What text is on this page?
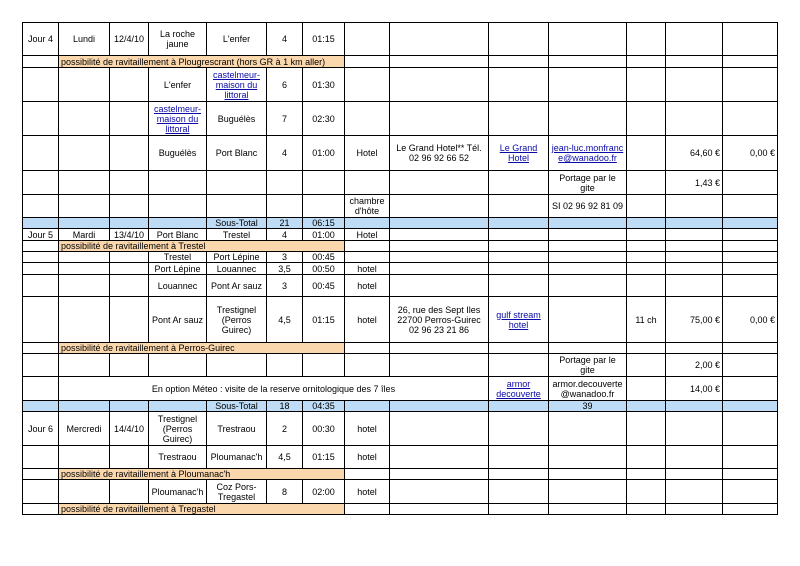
Jour 4	Lundi	12/4/10	La roche jaune	L'enfer	4	01:15							
	possibilité de ravitaillement à Plougrescrant (hors GR à 1 km aller)												
			L'enfer	castelmeur-maison du littoral	6	01:30							
			castelmeur-maison du littoral	Buguélès	7	02:30							
			Buguélès	Port Blanc	4	01:00	Hotel	Le Grand Hotel** Tél. 02 96 92 66 52	Le Grand Hotel	jean-luc.monfrance@wanadoo.fr		64,60 €	0,00 €
										Portage par le gite		1,43 €	
							chambre d'hôte			SI 02 96 92 81 09			
				Sous-Total	21	06:15							
Jour 5	Mardi	13/4/10	Port Blanc	Trestel	4	01:00	Hotel						
	possibilité de ravitaillement à Trestel												
			Trestel	Port Lépine	3	00:45							
			Port Lépine	Louannec	3,5	00:50	hotel						
			Louannec	Pont Ar sauz	3	00:45	hotel						
			Pont Ar sauz	Trestignel (Perros Guirec)	4,5	01:15	hotel	26, rue des Sept Iles 22700 Perros-Guirec 02 96 23 21 86	gulf stream hotel		11 ch	75,00 €	0,00 €
	possibilité de ravitaillement à Perros-Guirec												
										Portage par le gite		2,00 €	
	En option Méteo : visite de la reserve ornitologique des 7 îles								armor decouverte	armor.decouverte@wanadoo.fr		14,00 €	
				Sous-Total	18	04:35				39			
Jour 6	Mercredi	14/4/10	Trestignel (Perros Guirec)	Trestraou	2	00:30	hotel						
			Trestraou	Ploumanac'h	4,5	01:15	hotel						
	possibilité de ravitaillement à Ploumanac'h												
			Ploumanac'h	Coz Pors-Tregastel	8	02:00	hotel						
	possibilité de ravitaillement à Tregastel												
